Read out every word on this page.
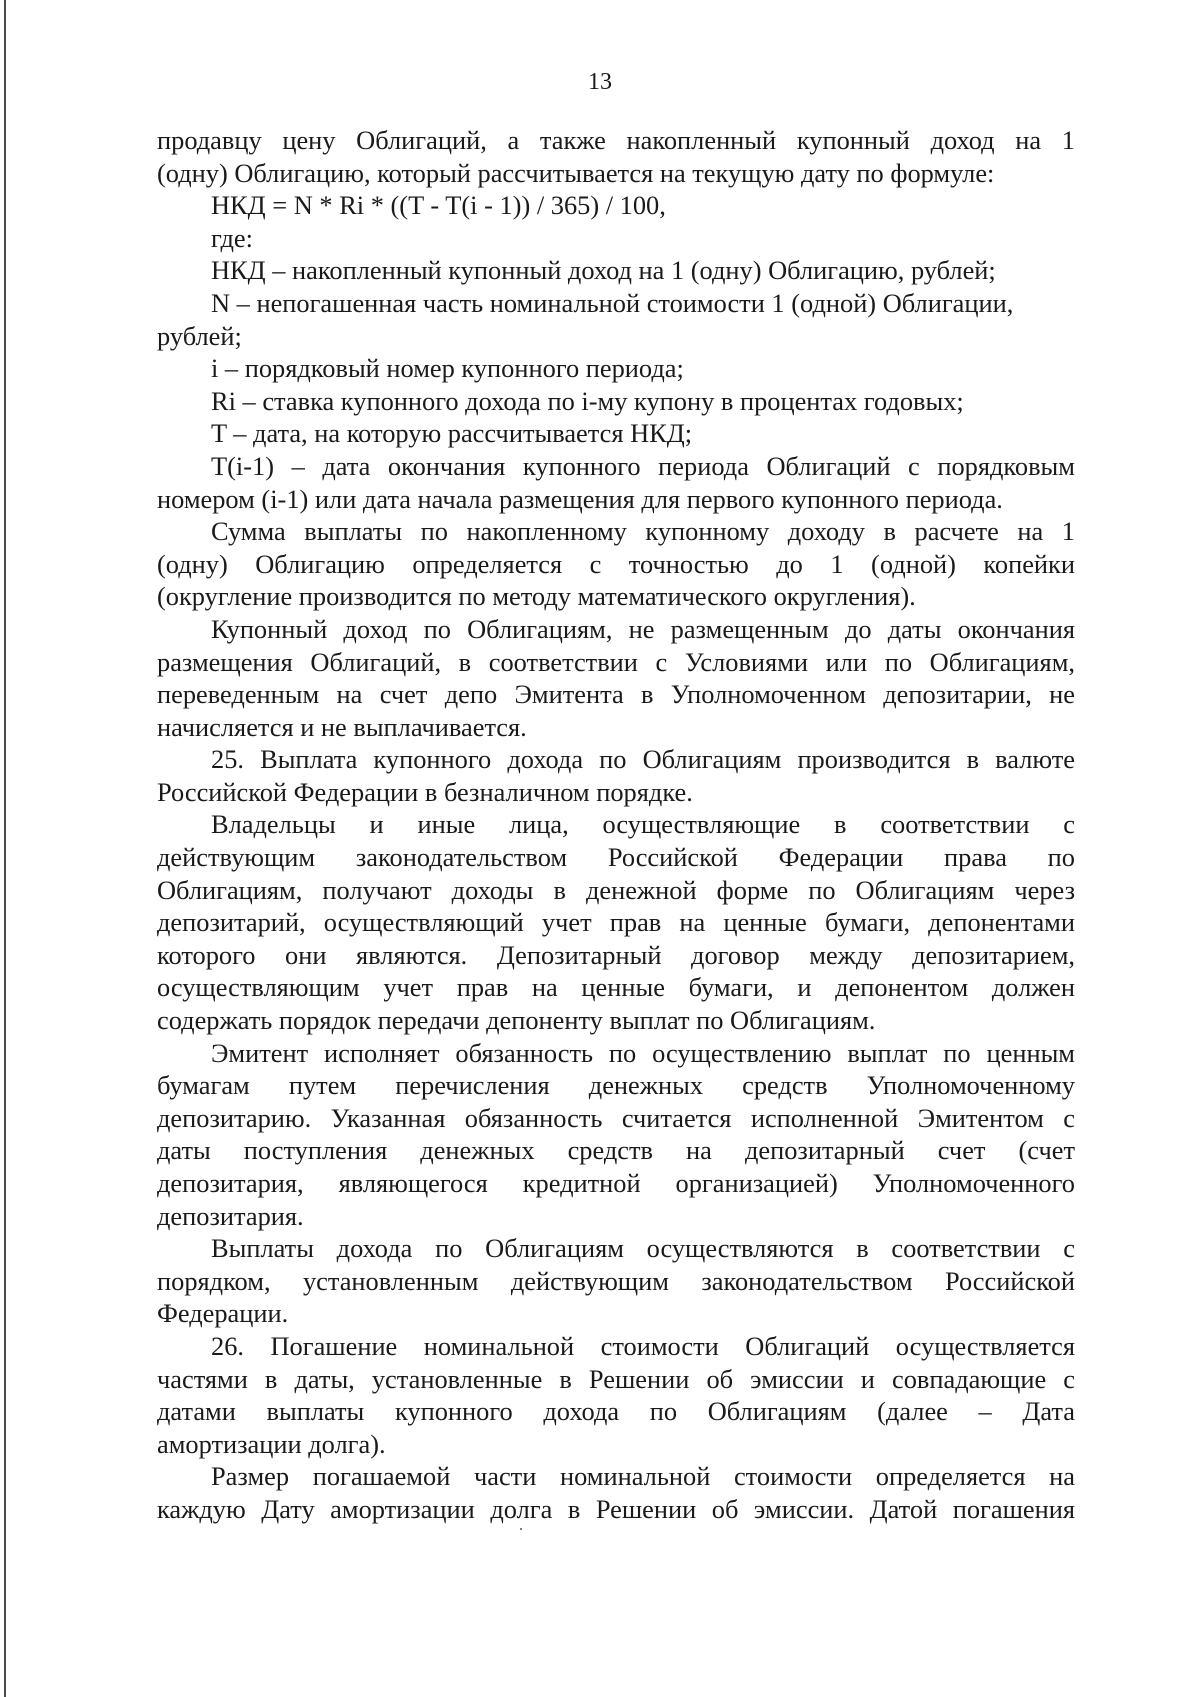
13
продавцу цену Облигаций, а также накопленный купонный доход на 1
(одну) Облигацию, который рассчитывается на текущую дату по формуле:
НКД = N * Ri * ((T - T(i - 1)) / 365) / 100,
где:
НКД – накопленный купонный доход на 1 (одну) Облигацию, рублей;
N – непогашенная часть номинальной стоимости 1 (одной) Облигации,
рублей;
i – порядковый номер купонного периода;
Ri – ставка купонного дохода по i-му купону в процентах годовых;
T – дата, на которую рассчитывается НКД;
T(i-1) – дата окончания купонного периода Облигаций с порядковым
номером (i-1) или дата начала размещения для первого купонного периода.
Сумма выплаты по накопленному купонному доходу в расчете на 1
(одну) Облигацию определяется с точностью до 1 (одной) копейки
(округление производится по методу математического округления).
Купонный доход по Облигациям, не размещенным до даты окончания
размещения Облигаций, в соответствии с Условиями или по Облигациям,
переведенным на счет депо Эмитента в Уполномоченном депозитарии, не
начисляется и не выплачивается.
25. Выплата купонного дохода по Облигациям производится в валюте
Российской Федерации в безналичном порядке.
Владельцы и иные лица, осуществляющие в соответствии с
действующим законодательством Российской Федерации права по
Облигациям, получают доходы в денежной форме по Облигациям через
депозитарий, осуществляющий учет прав на ценные бумаги, депонентами
которого они являются. Депозитарный договор между депозитарием,
осуществляющим учет прав на ценные бумаги, и депонентом должен
содержать порядок передачи депоненту выплат по Облигациям.
Эмитент исполняет обязанность по осуществлению выплат по ценным
бумагам путем перечисления денежных средств Уполномоченному
депозитарию. Указанная обязанность считается исполненной Эмитентом с
даты поступления денежных средств на депозитарный счет (счет
депозитария, являющегося кредитной организацией) Уполномоченного
депозитария.
Выплаты дохода по Облигациям осуществляются в соответствии с
порядком, установленным действующим законодательством Российской
Федерации.
26. Погашение номинальной стоимости Облигаций осуществляется
частями в даты, установленные в Решении об эмиссии и совпадающие с
датами выплаты купонного дохода по Облигациям (далее – Дата
амортизации долга).
Размер погашаемой части номинальной стоимости определяется на
каждую Дату амортизации долга в Решении об эмиссии. Датой погашения
